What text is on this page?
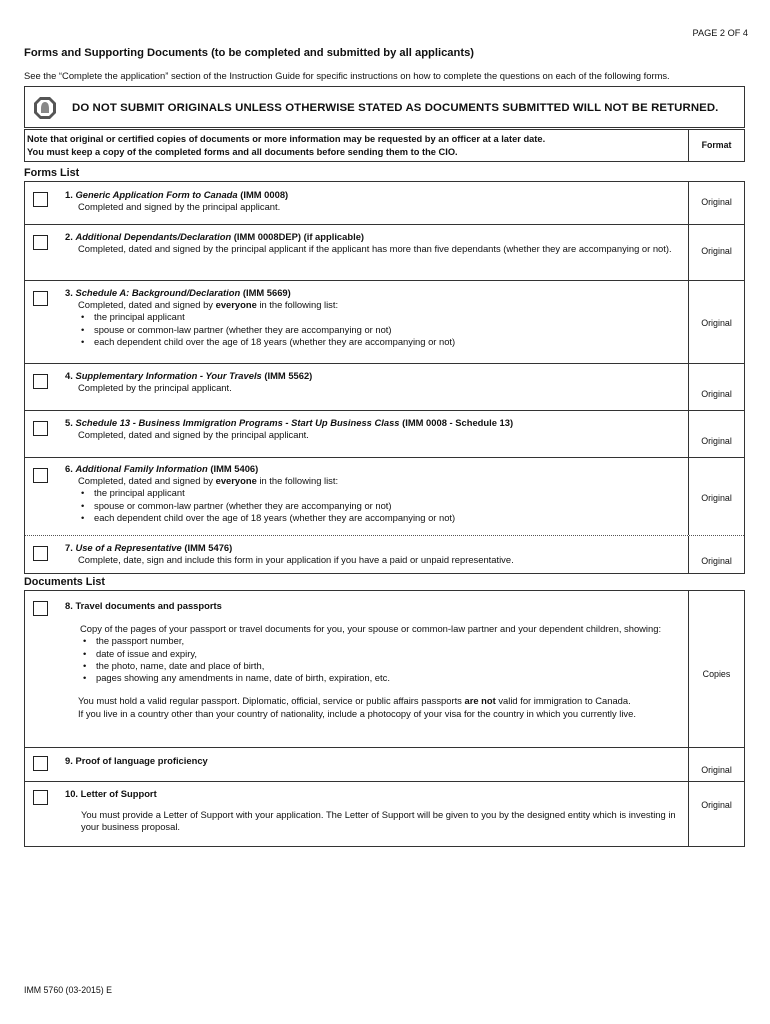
PAGE 2 OF 4
Forms and Supporting Documents (to be completed and submitted by all applicants)
See the “Complete the application” section of the Instruction Guide for specific instructions on how to complete the questions on each of the following forms.
DO NOT SUBMIT ORIGINALS UNLESS OTHERWISE STATED AS DOCUMENTS SUBMITTED WILL NOT BE RETURNED.
Note that original or certified copies of documents or more information may be requested by an officer at a later date.
You must keep a copy of the completed forms and all documents before sending them to the CIO.
Format
Forms List
1. Generic Application Form to Canada (IMM 0008)
Completed and signed by the principal applicant.	Original
2. Additional Dependants/Declaration (IMM 0008DEP) (if applicable)
Completed, dated and signed by the principal applicant if the applicant has more than five dependants (whether they are accompanying or not).	Original
3. Schedule A: Background/Declaration (IMM 5669)
Completed, dated and signed by everyone in the following list:
• the principal applicant
• spouse or common-law partner (whether they are accompanying or not)
• each dependent child over the age of 18 years (whether they are accompanying or not)
Original
4. Supplementary Information - Your Travels (IMM 5562)
Completed by the principal applicant.
Original
5. Schedule 13 - Business Immigration Programs - Start Up Business Class (IMM 0008 - Schedule 13)
Completed, dated and signed by the principal applicant.
Original
6. Additional Family Information (IMM 5406)
Completed, dated and signed by everyone in the following list:
• the principal applicant
• spouse or common-law partner (whether they are accompanying or not)
• each dependent child over the age of 18 years (whether they are accompanying or not)
Original
7. Use of a Representative (IMM 5476)
Complete, date, sign and include this form in your application if you have a paid or unpaid representative.	Original
Documents List
8. Travel documents and passports
Copy of the pages of your passport or travel documents for you, your spouse or common-law partner and your dependent children, showing:
• the passport number,
• date of issue and expiry,
• the photo, name, date and place of birth,
• pages showing any amendments in name, date of birth, expiration, etc.
You must hold a valid regular passport. Diplomatic, official, service or public affairs passports are not valid for immigration to Canada.
If you live in a country other than your country of nationality, include a photocopy of your visa for the country in which you currently live.
Copies
9. Proof of language proficiency
Original
10. Letter of Support
You must provide a Letter of Support with your application. The Letter of Support will be given to you by the designed entity which is investing in your business proposal.
Original
IMM 5760 (03-2015) E
